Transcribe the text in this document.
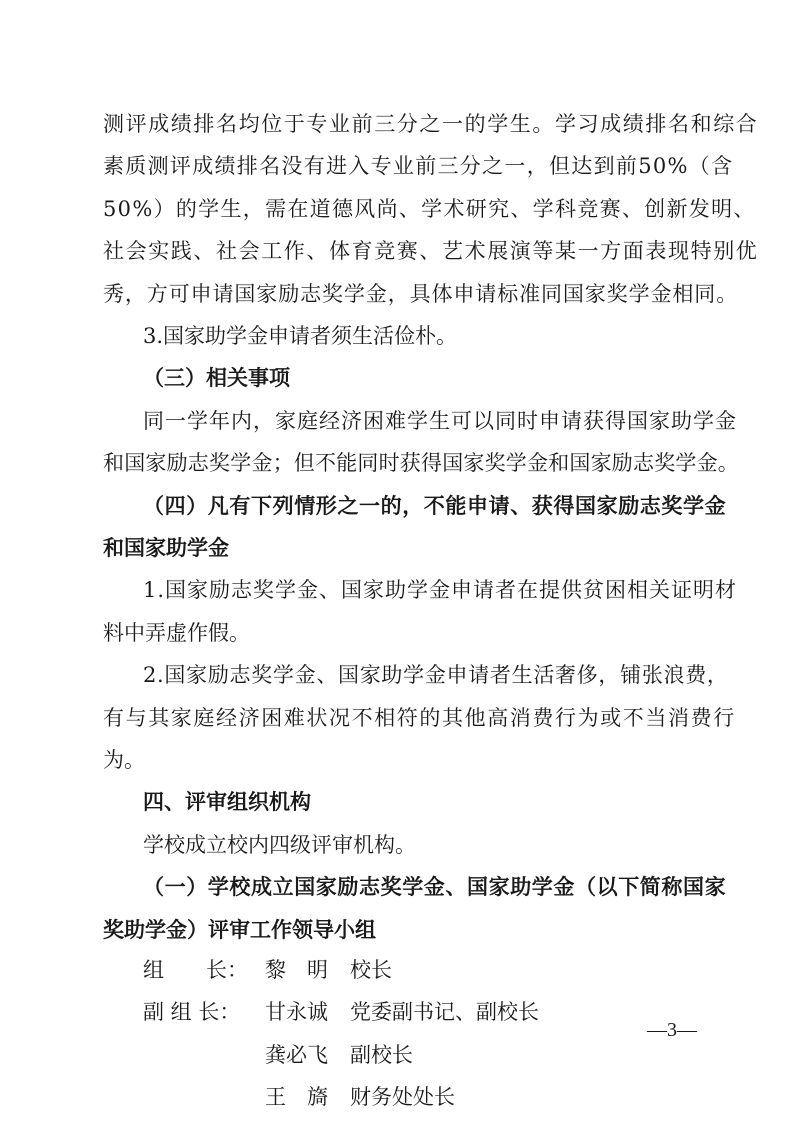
测评成绩排名均位于专业前三分之一的学生。学习成绩排名和综合
素质测评成绩排名没有进入专业前三分之一，但达到前50%（含
50%）的学生，需在道德风尚、学术研究、学科竞赛、创新发明、
社会实践、社会工作、体育竞赛、艺术展演等某一方面表现特别优
秀，方可申请国家励志奖学金，具体申请标准同国家奖学金相同。
3.国家助学金申请者须生活俭朴。
（三）相关事项
同一学年内，家庭经济困难学生可以同时申请获得国家助学金
和国家励志奖学金；但不能同时获得国家奖学金和国家励志奖学金。
（四）凡有下列情形之一的，不能申请、获得国家励志奖学金
和国家助学金
1.国家励志奖学金、国家助学金申请者在提供贫困相关证明材
料中弄虚作假。
2.国家励志奖学金、国家助学金申请者生活奢侈，铺张浪费，
有与其家庭经济困难状况不相符的其他高消费行为或不当消费行
为。
四、评审组织机构
学校成立校内四级评审机构。
（一）学校成立国家励志奖学金、国家助学金（以下简称国家
奖助学金）评审工作领导小组
组　　长： 黎　明 校长
副 组 长： 甘永诚 党委副书记、副校长
龚必飞 副校长
王　旖 财务处处长
—3—
